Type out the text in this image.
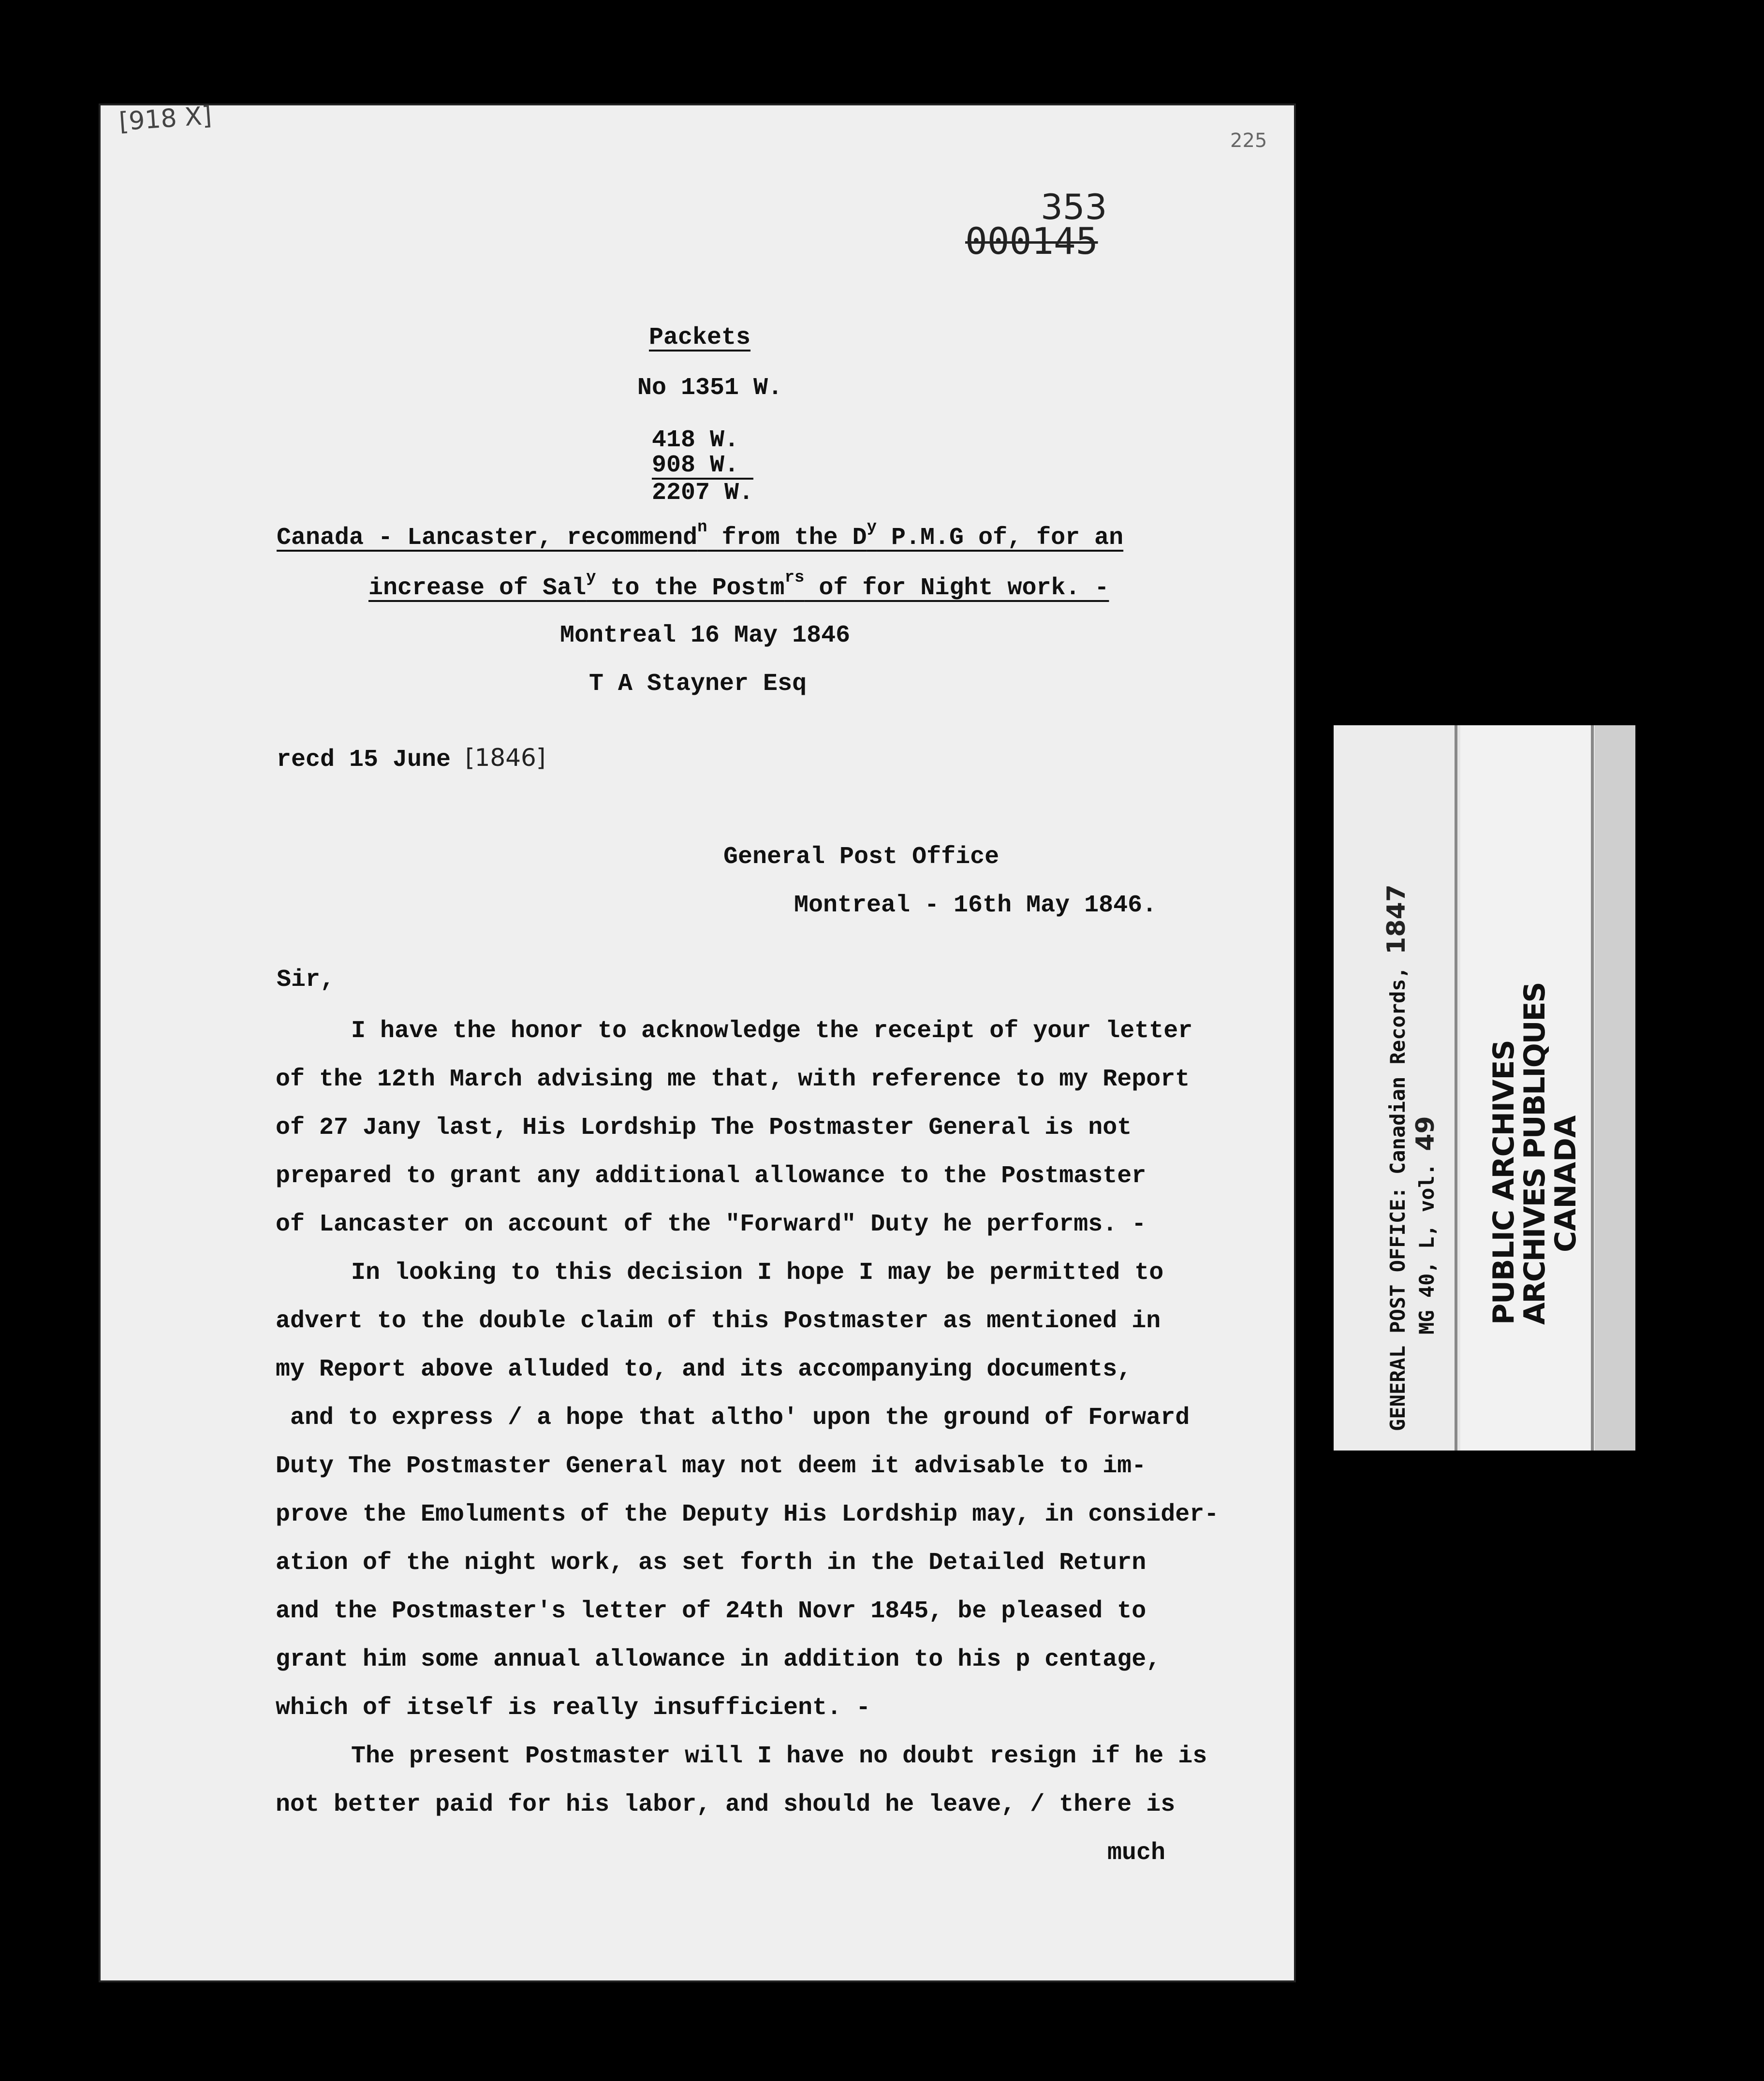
[918 X]
225
353
000145
Packets
No 1351 W.
418 W.
908 W.
2207 W.
Canada - Lancaster, recommend$^n$ from the $D^y$ P.M.G of, for an
increase of Sal$^y$ to the Postm$^{rs}$ of for Night work. -
Montreal 16 May 1846
T A Stayner Esq
recd 15 June [1846]
General Post Office
Montreal - 16th May 1846.
Sir,
I have the honor to acknowledge the receipt of your letter
of the 12th March advising me that, with reference to my Report
of 27 Jany last, His Lordship The Postmaster General is not
prepared to grant any additional allowance to the Postmaster
of Lancaster on account of the "Forward" Duty he performs. -
In looking to this decision I hope I may be permitted to
advert to the double claim of this Postmaster as mentioned in
my Report above alluded to, and its accompanying documents,
and to express / a hope that altho' upon the ground of Forward
Duty The Postmaster General may not deem it advisable to im-
prove the Emoluments of the Deputy His Lordship may, in consider-
ation of the night work, as set forth in the Detailed Return
and the Postmaster's letter of 24th Novr 1845, be pleased to
grant him some annual allowance in addition to his p centage,
which of itself is really insufficient. -
The present Postmaster will I have no doubt resign if he is
not better paid for his labor, and should he leave, / there is
much
GENERAL POST OFFICE: Canadian Records, 1847
MG 40, L, vol. 49 PUBLIC ARCHIVES
ARCHIVES PUBLIQUES
CANADA
